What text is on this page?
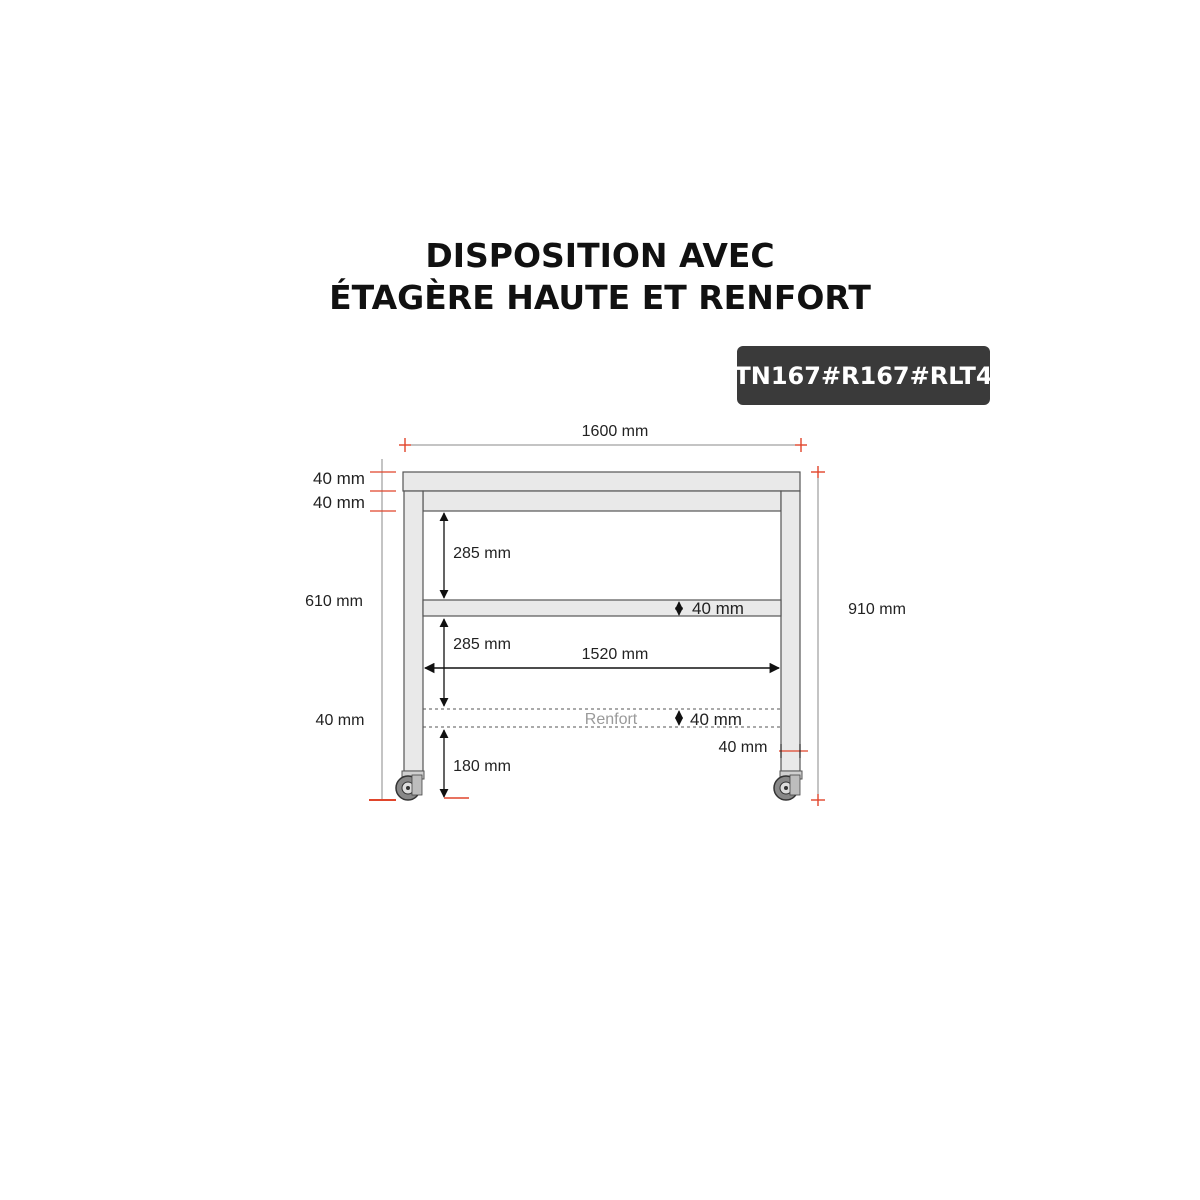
DISPOSITION AVEC
ÉTAGÈRE HAUTE ET RENFORT
TN167#R167#RLT4
1600 mm
40 mm
40 mm
610 mm
40 mm
285 mm
285 mm
180 mm
40 mm
1520 mm
Renfort	40 mm
40 mm
910 mm
